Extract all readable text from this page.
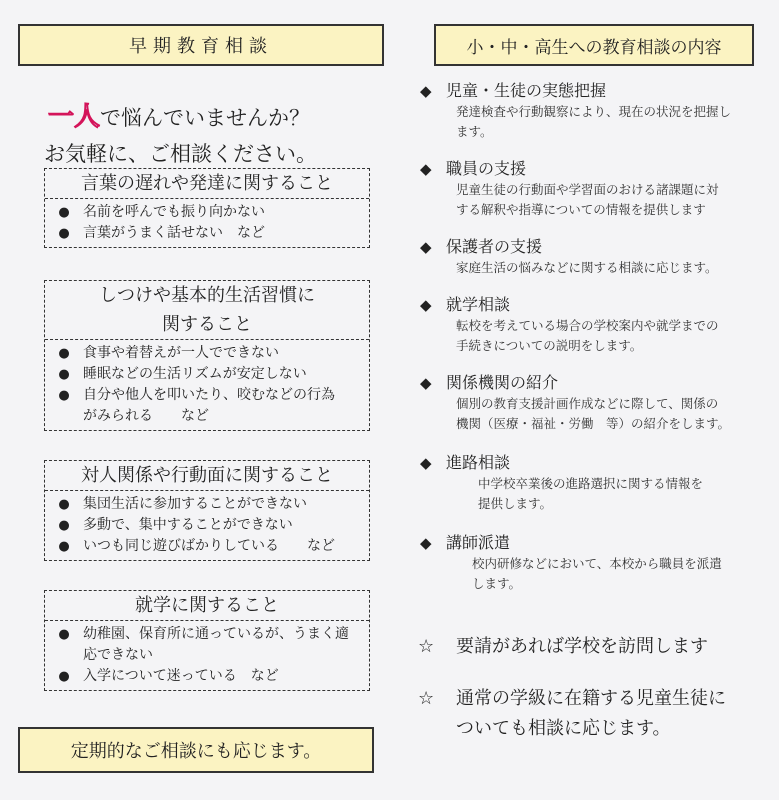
早期教育相談
一人で悩んでいませんか？
お気軽に、ご相談ください。
言葉の遅れや発達に関すること
● 名前を呼んでも振り向かない
● 言葉がうまく話せない　など
しつけや基本的生活習慣に
関すること
● 食事や着替えが一人でできない
● 睡眠などの生活リズムが安定しない
● 自分や他人を叩いたり、咬むなどの行為
がみられる　　など
対人関係や行動面に関すること
● 集団生活に参加することができない
● 多動で、集中することができない
● いつも同じ遊びばかりしている　　など
就学に関すること
● 幼稚園、保育所に通っているが、うまく適
応できない
● 入学について迷っている　など
定期的なご相談にも応じます。
小・中・高生への教育相談の内容
◆ 児童・生徒の実態把握
発達検査や行動観察により、現在の状況を把握し
ます。
◆ 職員の支援
児童生徒の行動面や学習面のおける諸課題に対
する解釈や指導についての情報を提供します
◆ 保護者の支援
家庭生活の悩みなどに関する相談に応じます。
◆ 就学相談
転校を考えている場合の学校案内や就学までの
手続きについての説明をします。
◆ 関係機関の紹介
個別の教育支援計画作成などに際して、関係の
機関（医療・福祉・労働　等）の紹介をします。
◆ 進路相談
中学校卒業後の進路選択に関する情報を
提供します。
◆ 講師派遣
校内研修などにおいて、本校から職員を派遣
します。
☆	要請があれば学校を訪問します
☆	通常の学級に在籍する児童生徒に
ついても相談に応じます。
